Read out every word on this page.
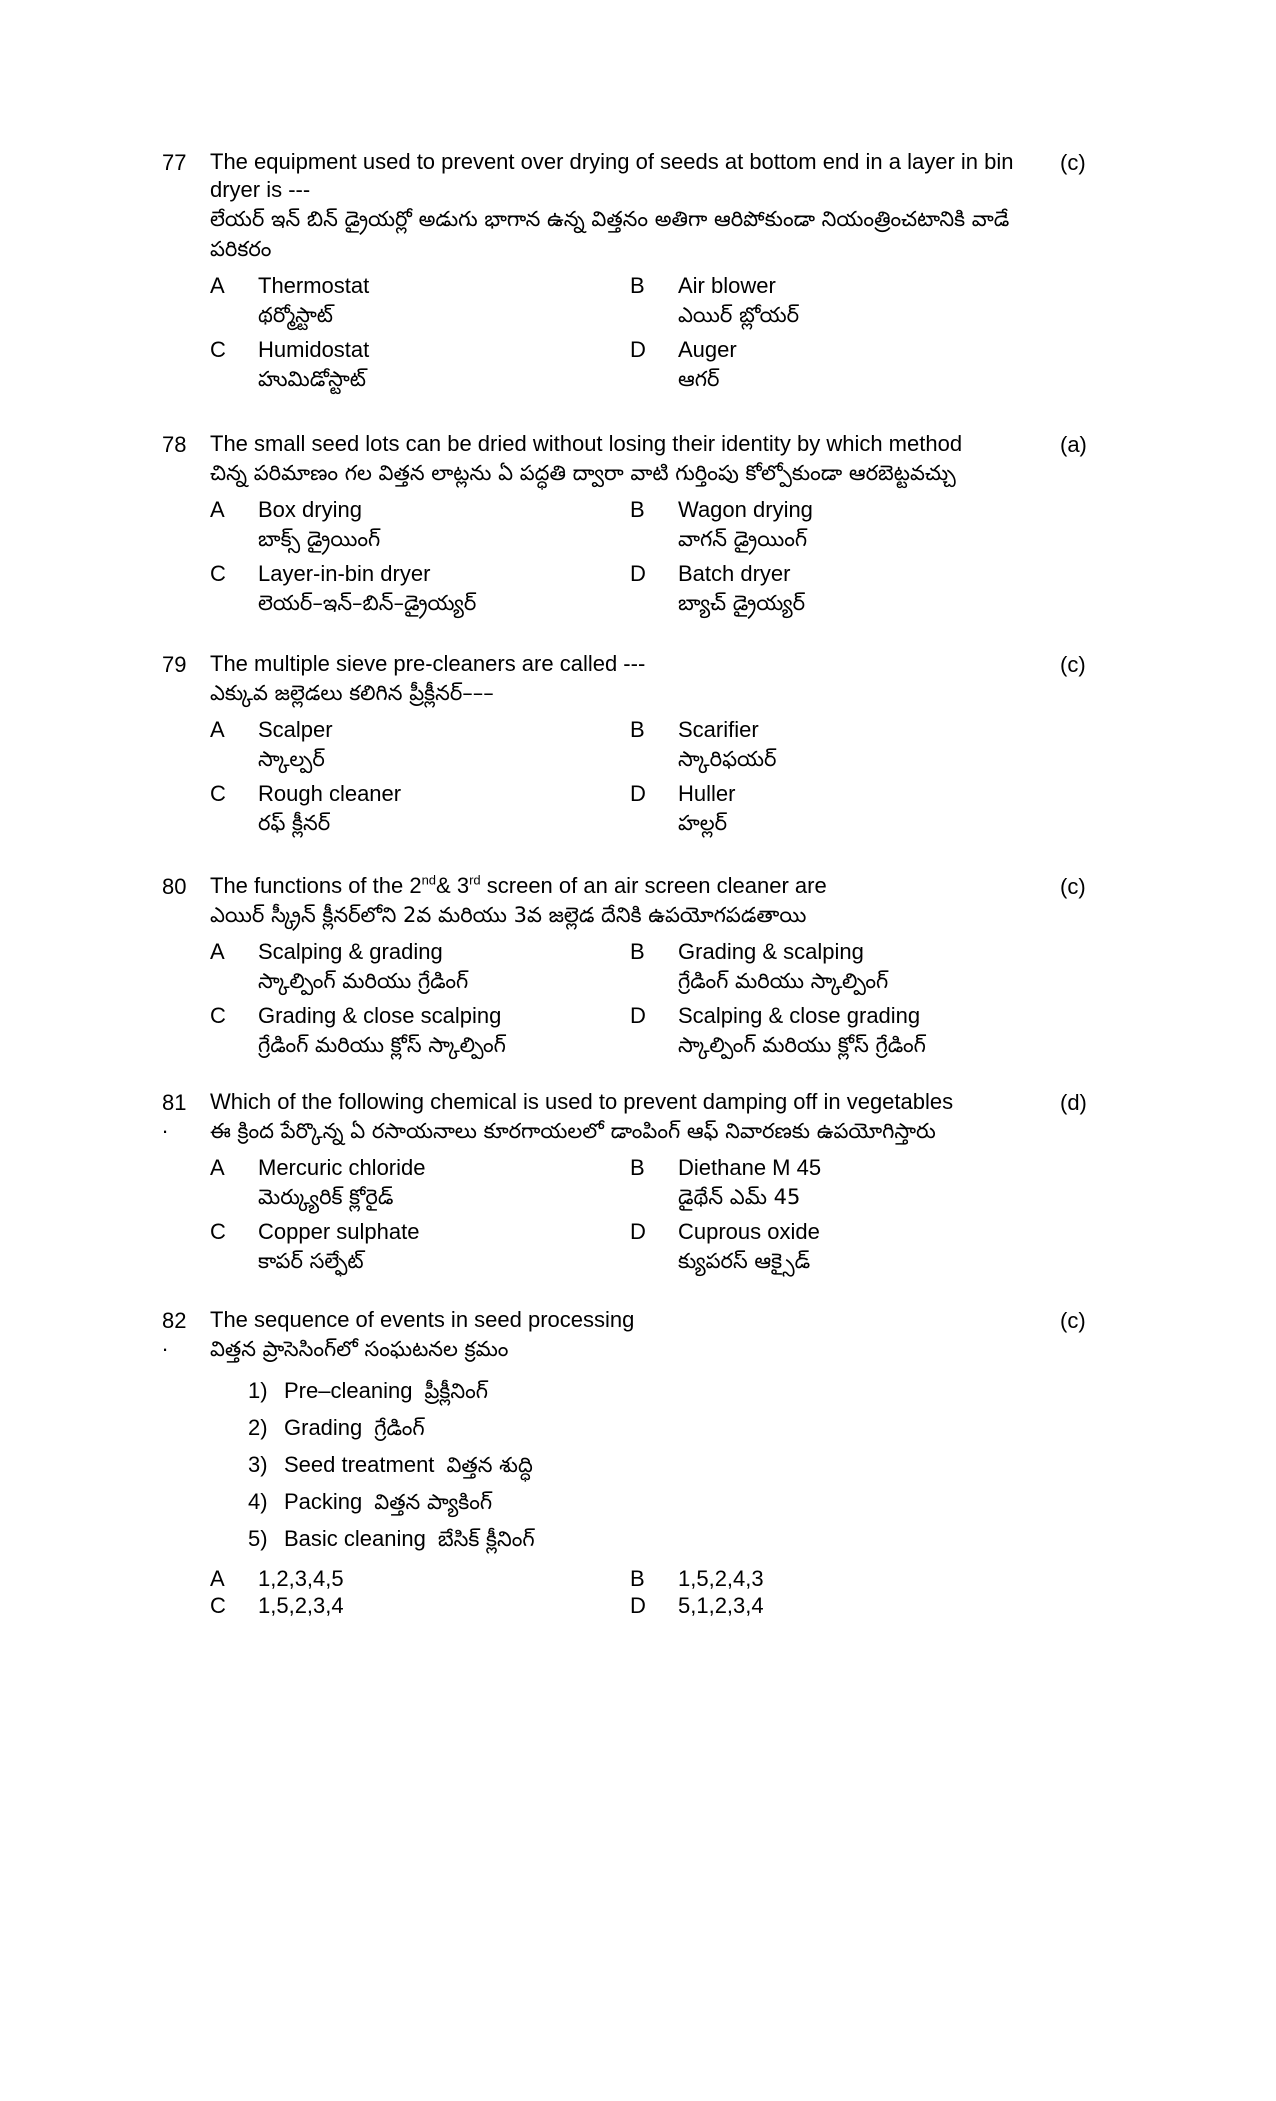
77	The equipment used to prevent over drying of seeds at bottom end in a layer in bin dryer is ---
లేయర్ ఇన్ బిన్ డ్రైయర్లో అడుగు భాగాన ఉన్న విత్తనం అతిగా ఆరిపోకుండా నియంత్రించటానికి వాడే పరికరం
A Thermostat
థర్మోస్టాట్
B Air blower
ఎయిర్ బ్లోయర్
C Humidostat
హుమిడోస్టాట్
D Auger
ఆగర్
(c)
78	The small seed lots can be dried without losing their identity by which method
చిన్న పరిమాణం గల విత్తన లాట్లను ఏ పద్ధతి ద్వారా వాటి గుర్తింపు కోల్పోకుండా ఆరబెట్టవచ్చు
A Box drying
బాక్స్ డ్రైయింగ్
B Wagon drying
వాగన్ డ్రైయింగ్
C Layer-in-bin dryer
లెయర్–ఇన్–బిన్–డ్రైయ్యర్
D Batch dryer
బ్యాచ్ డ్రైయ్యర్
(a)
79	The multiple sieve pre-cleaners are called ---
ఎక్కువ జల్లెడలు కలిగిన ప్రీక్లీనర్–––
A Scalper
స్కాల్పర్
B Scarifier
స్కారిఫయర్
C Rough cleaner
రఫ్ క్లీనర్
D Huller
హల్లర్
(c)
80	The functions of the 2nd& 3rd screen of an air screen cleaner are
ఎయిర్ స్క్రీన్ క్లీనర్‌లోని 2వ మరియు 3వ జల్లెడ దేనికి ఉపయోగపడతాయి
A Scalping & grading
స్కాల్పింగ్ మరియు గ్రేడింగ్
B Grading & scalping
గ్రేడింగ్ మరియు స్కాల్పింగ్
C Grading & close scalping
గ్రేడింగ్ మరియు క్లోస్ స్కాల్పింగ్
D Scalping & close grading
స్కాల్పింగ్ మరియు క్లోస్ గ్రేడింగ్
(c)
81
.
Which of the following chemical is used to prevent damping off in vegetables
ఈ క్రింద పేర్కొన్న ఏ రసాయనాలు కూరగాయలలో డాంపింగ్ ఆఫ్ నివారణకు ఉపయోగిస్తారు
A Mercuric chloride
మెర్క్యురిక్ క్లోరైడ్
B Diethane M 45
డైథేన్ ఎమ్ 45
C Copper sulphate
కాపర్ సల్ఫేట్
D Cuprous oxide
క్యుపరస్ ఆక్సైడ్
(d)
82
.
The sequence of events in seed processing
విత్తన ప్రాసెసింగ్‌లో సంఘటనల క్రమం
1) Pre–cleaning ప్రీక్లీనింగ్
2) Grading గ్రేడింగ్
3) Seed treatment విత్తన శుద్ధి
4) Packing విత్తన ప్యాకింగ్
5) Basic cleaning బేసిక్ క్లీనింగ్
A 1,2,3,4,5	B 1,5,2,4,3
C 1,5,2,3,4	D 5,1,2,3,4
(c)
